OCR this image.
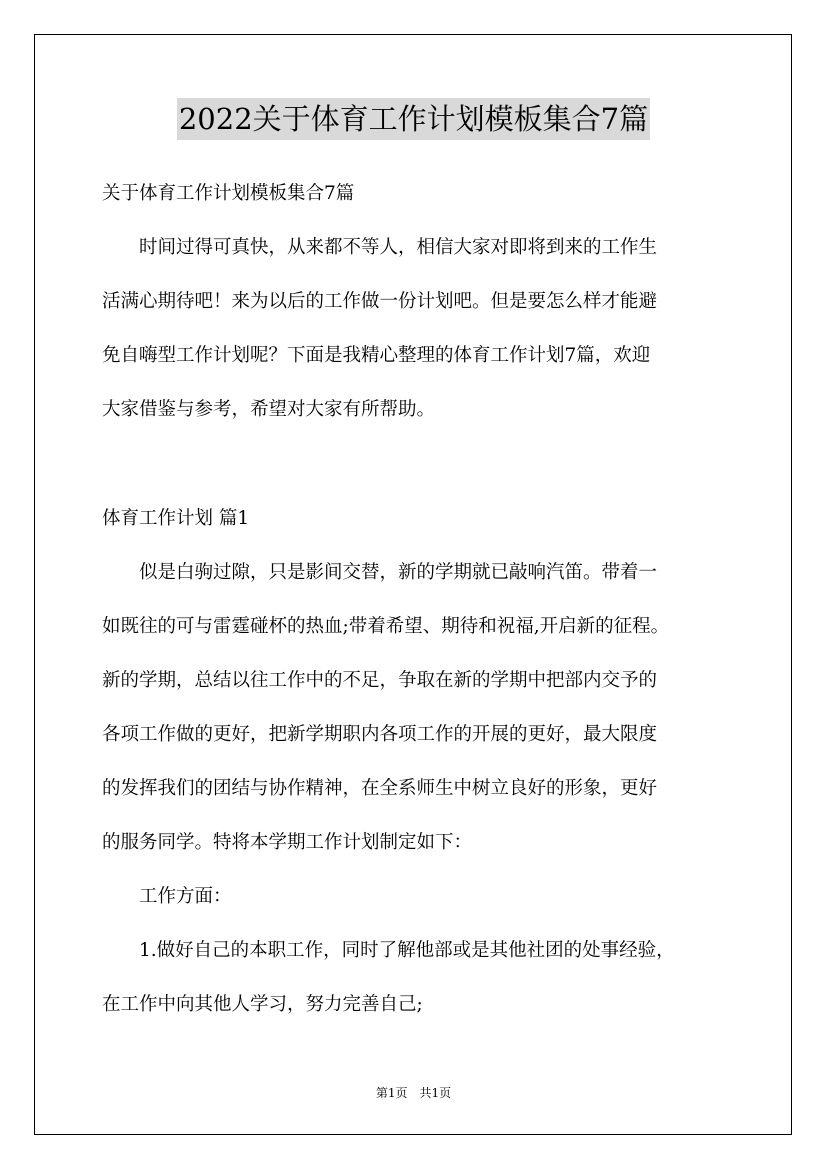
2022关于体育工作计划模板集合7篇
关于体育工作计划模板集合7篇
　　时间过得可真快，从来都不等人，相信大家对即将到来的工作生
活满心期待吧！来为以后的工作做一份计划吧。但是要怎么样才能避
免自嗨型工作计划呢？下面是我精心整理的体育工作计划7篇，欢迎
大家借鉴与参考，希望对大家有所帮助。
体育工作计划 篇1
　　似是白驹过隙，只是影间交替，新的学期就已敲响汽笛。带着一
如既往的可与雷霆碰杯的热血;带着希望、期待和祝福,开启新的征程。
新的学期，总结以往工作中的不足，争取在新的学期中把部内交予的
各项工作做的更好，把新学期职内各项工作的开展的更好，最大限度
的发挥我们的团结与协作精神，在全系师生中树立良好的形象，更好
的服务同学。特将本学期工作计划制定如下：
　　工作方面：
　　1.做好自己的本职工作，同时了解他部或是其他社团的处事经验，
在工作中向其他人学习，努力完善自己;
第1页　共1页
